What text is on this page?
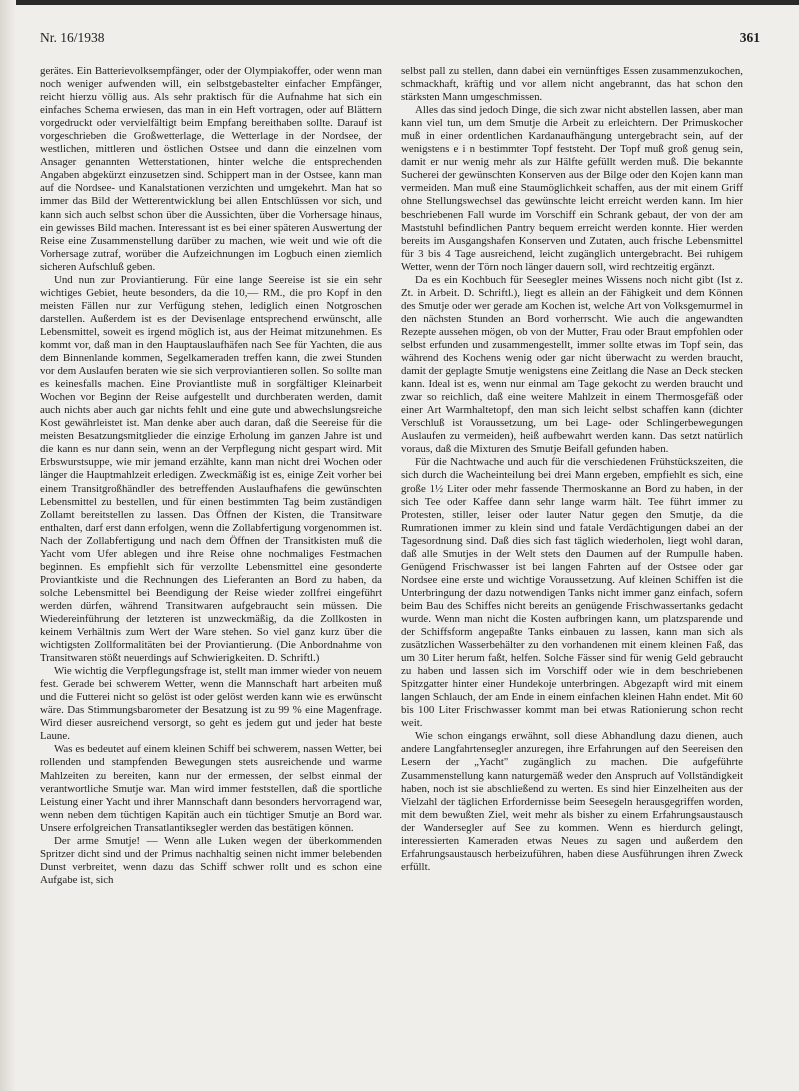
Nr. 16/1938	361

gerätes. Ein Batterievolksempfänger, oder der Olympiakoffer, oder wenn man noch weniger aufwenden will, ein selbstgebastelter einfacher Empfänger, reicht hierzu völlig aus. Als sehr praktisch für die Aufnahme hat sich ein einfaches Schema erwiesen, das man in ein Heft vortragen, oder auf Blättern vorgedruckt oder vervielfältigt beim Empfang bereithaben sollte. Darauf ist vorgeschrieben die Großwetterlage, die Wetterlage in der Nordsee, der westlichen, mittleren und östlichen Ostsee und dann die einzelnen vom Ansager genannten Wetterstationen, hinter welche die entsprechenden Angaben abgekürzt einzusetzen sind. Schippert man in der Ostsee, kann man auf die Nordsee- und Kanalstationen verzichten und umgekehrt. Man hat so immer das Bild der Wetterentwicklung bei allen Entschlüssen vor sich, und kann sich auch selbst schon über die Aussichten, über die Vorhersage hinaus, ein gewisses Bild machen. Interessant ist es bei einer späteren Auswertung der Reise eine Zusammenstellung darüber zu machen, wie weit und wie oft die Vorhersage zutraf, worüber die Aufzeichnungen im Logbuch einen ziemlich sicheren Aufschluß geben.

Und nun zur Proviantierung. Für eine lange Seereise ist sie ein sehr wichtiges Gebiet, heute besonders, da die 10,— RM., die pro Kopf in den meisten Fällen nur zur Verfügung stehen, lediglich einen Notgroschen darstellen. Außerdem ist es der Devisenlage entsprechend erwünscht, alle Lebensmittel, soweit es irgend möglich ist, aus der Heimat mitzunehmen. Es kommt vor, daß man in den Hauptauslaufhäfen nach See für Yachten, die aus dem Binnenlande kommen, Segelkameraden treffen kann, die zwei Stunden vor dem Auslaufen beraten wie sie sich verproviantieren sollen. So sollte man es keinesfalls machen. Eine Proviantliste muß in sorgfältiger Kleinarbeit Wochen vor Beginn der Reise aufgestellt und durchberaten werden, damit auch nichts aber auch gar nichts fehlt und eine gute und abwechslungsreiche Kost gewährleistet ist. Man denke aber auch daran, daß die Seereise für die meisten Besatzungsmitglieder die einzige Erholung im ganzen Jahre ist und die kann es nur dann sein, wenn an der Verpflegung nicht gespart wird. Mit Erbswurstsuppe, wie mir jemand erzählte, kann man nicht drei Wochen oder länger die Hauptmahlzeit erledigen. Zweckmäßig ist es, einige Zeit vorher bei einem Transitgroßhändler des betreffenden Auslaufhafens die gewünschten Lebensmittel zu bestellen, und für einen bestimmten Tag beim zuständigen Zollamt bereitstellen zu lassen. Das Öffnen der Kisten, die Transitware enthalten, darf erst dann erfolgen, wenn die Zollabfertigung vorgenommen ist. Nach der Zollabfertigung und nach dem Öffnen der Transitkisten muß die Yacht vom Ufer ablegen und ihre Reise ohne nochmaliges Festmachen beginnen. Es empfiehlt sich für verzollte Lebensmittel eine gesonderte Proviantkiste und die Rechnungen des Lieferanten an Bord zu haben, da solche Lebensmittel bei Beendigung der Reise wieder zollfrei eingeführt werden dürfen, während Transitwaren aufgebraucht sein müssen. Die Wiedereinführung der letzteren ist unzweckmäßig, da die Zollkosten in keinem Verhältnis zum Wert der Ware stehen. So viel ganz kurz über die wichtigsten Zollformalitäten bei der Proviantierung. (Die Anbordnahme von Transitwaren stößt neuerdings auf Schwierigkeiten. D. Schriftl.)

Wie wichtig die Verpflegungsfrage ist, stellt man immer wieder von neuem fest. Gerade bei schwerem Wetter, wenn die Mannschaft hart arbeiten muß und die Futterei nicht so gelöst ist oder gelöst werden kann wie es erwünscht wäre. Das Stimmungsbarometer der Besatzung ist zu 99 % eine Magenfrage. Wird dieser ausreichend versorgt, so geht es jedem gut und jeder hat beste Laune.

Was es bedeutet auf einem kleinen Schiff bei schwerem, nassen Wetter, bei rollenden und stampfenden Bewegungen stets ausreichende und warme Mahlzeiten zu bereiten, kann nur der ermessen, der selbst einmal der verantwortliche Smutje war. Man wird immer feststellen, daß die sportliche Leistung einer Yacht und ihrer Mannschaft dann besonders hervorragend war, wenn neben dem tüchtigen Kapitän auch ein tüchtiger Smutje an Bord war. Unsere erfolgreichen Transatlantiksegler werden das bestätigen können.

Der arme Smutje! — Wenn alle Luken wegen der überkommenden Spritzer dicht sind und der Primus nachhaltig seinen nicht immer belebenden Dunst verbreitet, wenn dazu das Schiff schwer rollt und es schon eine Aufgabe ist, sich

selbst pall zu stellen, dann dabei ein vernünftiges Essen zusammenzukochen, schmackhaft, kräftig und vor allem nicht angebrannt, das hat schon den stärksten Mann umgeschmissen.

Alles das sind jedoch Dinge, die sich zwar nicht abstellen lassen, aber man kann viel tun, um dem Smutje die Arbeit zu erleichtern. Der Primuskocher muß in einer ordentlichen Kardanaufhängung untergebracht sein, auf der wenigstens e i n bestimmter Topf feststeht. Der Topf muß groß genug sein, damit er nur wenig mehr als zur Hälfte gefüllt werden muß. Die bekannte Sucherei der gewünschten Konserven aus der Bilge oder den Kojen kann man vermeiden. Man muß eine Staumöglichkeit schaffen, aus der mit einem Griff ohne Stellungswechsel das gewünschte leicht erreicht werden kann. Im hier beschriebenen Fall wurde im Vorschiff ein Schrank gebaut, der von der am Maststuhl befindlichen Pantry bequem erreicht werden konnte. Hier werden bereits im Ausgangshafen Konserven und Zutaten, auch frische Lebensmittel für 3 bis 4 Tage ausreichend, leicht zugänglich untergebracht. Bei ruhigem Wetter, wenn der Törn noch länger dauern soll, wird rechtzeitig ergänzt.

Da es ein Kochbuch für Seesegler meines Wissens noch nicht gibt (Ist z. Zt. in Arbeit. D. Schriftl.), liegt es allein an der Fähigkeit und dem Können des Smutje oder wer gerade am Kochen ist, welche Art von Volksgemurmel in den nächsten Stunden an Bord vorherrscht. Wie auch die angewandten Rezepte aussehen mögen, ob von der Mutter, Frau oder Braut empfohlen oder selbst erfunden und zusammengestellt, immer sollte etwas im Topf sein, das während des Kochens wenig oder gar nicht überwacht zu werden braucht, damit der geplagte Smutje wenigstens eine Zeitlang die Nase an Deck stecken kann. Ideal ist es, wenn nur einmal am Tage gekocht zu werden braucht und zwar so reichlich, daß eine weitere Mahlzeit in einem Thermosgefäß oder einer Art Warmhaltetopf, den man sich leicht selbst schaffen kann (dichter Verschluß ist Voraussetzung, um bei Lage- oder Schlingerbewegungen Auslaufen zu vermeiden), heiß aufbewahrt werden kann. Das setzt natürlich voraus, daß die Mixturen des Smutje Beifall gefunden haben.

Für die Nachtwache und auch für die verschiedenen Frühstückszeiten, die sich durch die Wacheinteilung bei drei Mann ergeben, empfiehlt es sich, eine große 1½ Liter oder mehr fassende Thermoskanne an Bord zu haben, in der sich Tee oder Kaffee dann sehr lange warm hält. Tee führt immer zu Protesten, stiller, leiser oder lauter Natur gegen den Smutje, da die Rumrationen immer zu klein sind und fatale Verdächtigungen dabei an der Tagesordnung sind. Daß dies sich fast täglich wiederholen, liegt wohl daran, daß alle Smutjes in der Welt stets den Daumen auf der Rumpulle haben. Genügend Frischwasser ist bei langen Fahrten auf der Ostsee oder gar Nordsee eine erste und wichtige Voraussetzung. Auf kleinen Schiffen ist die Unterbringung der dazu notwendigen Tanks nicht immer ganz einfach, sofern beim Bau des Schiffes nicht bereits an genügende Frischwassertanks gedacht wurde. Wenn man nicht die Kosten aufbringen kann, um platzsparende und der Schiffsform angepaßte Tanks einbauen zu lassen, kann man sich als zusätzlichen Wasserbehälter zu den vorhandenen mit einem kleinen Faß, das um 30 Liter herum faßt, helfen. Solche Fässer sind für wenig Geld gebraucht zu haben und lassen sich im Vorschiff oder wie in dem beschriebenen Spitzgatter hinter einer Hundekoje unterbringen. Abgezapft wird mit einem langen Schlauch, der am Ende in einem einfachen kleinen Hahn endet. Mit 60 bis 100 Liter Frischwasser kommt man bei etwas Rationierung schon recht weit.

Wie schon eingangs erwähnt, soll diese Abhandlung dazu dienen, auch andere Langfahrtensegler anzuregen, ihre Erfahrungen auf den Seereisen den Lesern der „Yacht" zugänglich zu machen. Die aufgeführte Zusammenstellung kann naturgemäß weder den Anspruch auf Vollständigkeit haben, noch ist sie abschließend zu werten. Es sind hier Einzelheiten aus der Vielzahl der täglichen Erfordernisse beim Seesegeln herausgegriffen worden, mit dem bewußten Ziel, weit mehr als bisher zu einem Erfahrungsaustausch der Wandersegler auf See zu kommen. Wenn es hierdurch gelingt, interessierten Kameraden etwas Neues zu sagen und außerdem den Erfahrungsaustausch herbeizuführen, haben diese Ausführungen ihren Zweck erfüllt.
